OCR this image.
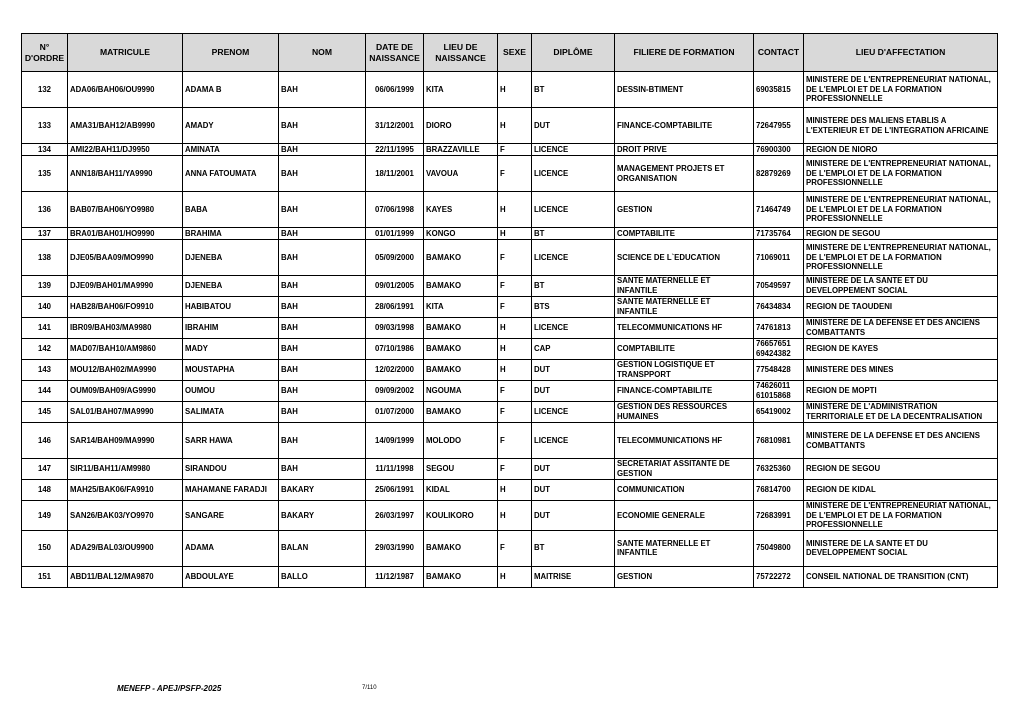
N° D'ORDRE	MATRICULE	PRENOM	NOM	DATE DE NAISSANCE	LIEU DE NAISSANCE	SEXE	DIPLÔME	FILIERE DE FORMATION	CONTACT	LIEU D'AFFECTATION
132	ADA06/BAH06/OU9990	ADAMA B	BAH	06/06/1999	KITA	H	BT	DESSIN-BTIMENT	69035815	MINISTERE DE L'ENTREPRENEURIAT NATIONAL, DE L'EMPLOI ET DE LA FORMATION PROFESSIONNELLE
133	AMA31/BAH12/AB9990	AMADY	BAH	31/12/2001	DIORO	H	DUT	FINANCE-COMPTABILITE	72647955	MINISTERE DES MALIENS ETABLIS A L'EXTERIEUR ET DE L'INTEGRATION AFRICAINE
134	AMI22/BAH11/DJ9950	AMINATA	BAH	22/11/1995	BRAZZAVILLE	F	LICENCE	DROIT PRIVE	76900300	REGION DE NIORO
135	ANN18/BAH11/YA9990	ANNA FATOUMATA	BAH	18/11/2001	VAVOUA	F	LICENCE	MANAGEMENT PROJETS ET ORGANISATION	82879269	MINISTERE DE L'ENTREPRENEURIAT NATIONAL, DE L'EMPLOI ET DE LA FORMATION PROFESSIONNELLE
136	BAB07/BAH06/YO9980	BABA	BAH	07/06/1998	KAYES	H	LICENCE	GESTION	71464749	MINISTERE DE L'ENTREPRENEURIAT NATIONAL, DE L'EMPLOI ET DE LA FORMATION PROFESSIONNELLE
137	BRA01/BAH01/HO9990	BRAHIMA	BAH	01/01/1999	KONGO	H	BT	COMPTABILITE	71735764	REGION DE SEGOU
138	DJE05/BAA09/MO9990	DJENEBA	BAH	05/09/2000	BAMAKO	F	LICENCE	SCIENCE DE L`EDUCATION	71069011	MINISTERE DE L'ENTREPRENEURIAT NATIONAL, DE L'EMPLOI ET DE LA FORMATION PROFESSIONNELLE
139	DJE09/BAH01/MA9990	DJENEBA	BAH	09/01/2005	BAMAKO	F	BT	SANTE MATERNELLE ET INFANTILE	70549597	MINISTERE DE LA SANTE ET DU DEVELOPPEMENT SOCIAL
140	HAB28/BAH06/FO9910	HABIBATOU	BAH	28/06/1991	KITA	F	BTS	SANTE MATERNELLE ET INFANTILE	76434834	REGION DE TAOUDENI
141	IBR09/BAH03/MA9980	IBRAHIM	BAH	09/03/1998	BAMAKO	H	LICENCE	TELECOMMUNICATIONS HF	74761813	MINISTERE DE LA DEFENSE ET DES ANCIENS COMBATTANTS
142	MAD07/BAH10/AM9860	MADY	BAH	07/10/1986	BAMAKO	H	CAP	COMPTABILITE	76657651 69424382	REGION DE KAYES
143	MOU12/BAH02/MA9990	MOUSTAPHA	BAH	12/02/2000	BAMAKO	H	DUT	GESTION LOGISTIQUE ET TRANSPPORT	77548428	MINISTERE DES MINES
144	OUM09/BAH09/AG9990	OUMOU	BAH	09/09/2002	NGOUMA	F	DUT	FINANCE-COMPTABILITE	74626011 61015868	REGION DE MOPTI
145	SAL01/BAH07/MA9990	SALIMATA	BAH	01/07/2000	BAMAKO	F	LICENCE	GESTION DES RESSOURCES HUMAINES	65419002	MINISTERE DE L'ADMINISTRATION TERRITORIALE ET DE LA DECENTRALISATION
146	SAR14/BAH09/MA9990	SARR HAWA	BAH	14/09/1999	MOLODO	F	LICENCE	TELECOMMUNICATIONS HF	76810981	MINISTERE DE LA DEFENSE ET DES ANCIENS COMBATTANTS
147	SIR11/BAH11/AM9980	SIRANDOU	BAH	11/11/1998	SEGOU	F	DUT	SECRETARIAT ASSITANTE DE GESTION	76325360	REGION DE SEGOU
148	MAH25/BAK06/FA9910	MAHAMANE FARADJI	BAKARY	25/06/1991	KIDAL	H	DUT	COMMUNICATION	76814700	REGION DE KIDAL
149	SAN26/BAK03/YO9970	SANGARE	BAKARY	26/03/1997	KOULIKORO	H	DUT	ECONOMIE GENERALE	72683991	MINISTERE DE L'ENTREPRENEURIAT NATIONAL, DE L'EMPLOI ET DE LA FORMATION PROFESSIONNELLE
150	ADA29/BAL03/OU9900	ADAMA	BALAN	29/03/1990	BAMAKO	F	BT	SANTE MATERNELLE ET INFANTILE	75049800	MINISTERE DE LA SANTE ET DU DEVELOPPEMENT SOCIAL
151	ABD11/BAL12/MA9870	ABDOULAYE	BALLO	11/12/1987	BAMAKO	H	MAITRISE	GESTION	75722272	CONSEIL NATIONAL DE TRANSITION (CNT)
MENEFP - APEJ/PSFP-2025	7/110
